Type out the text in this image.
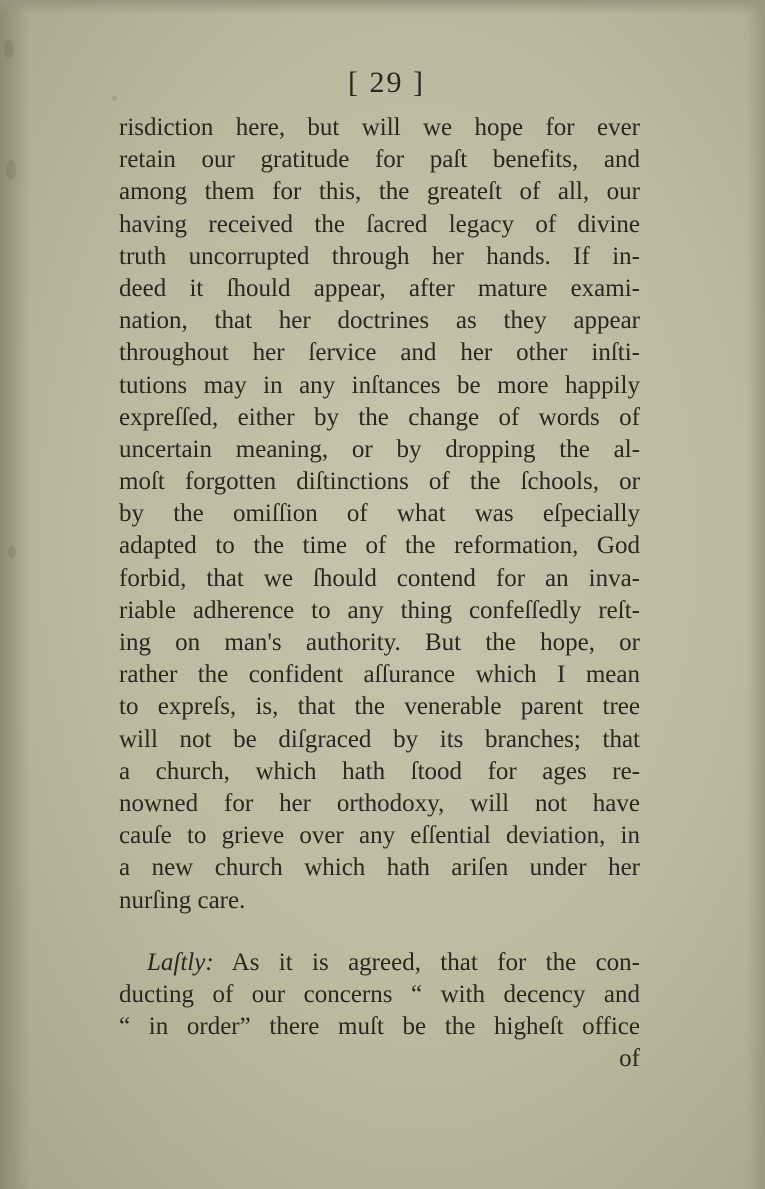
[ 29 ]
risdiction here, but will we hope for ever
retain our gratitude for paſt benefits, and
among them for this, the greateſt of all, our
having received the ſacred legacy of divine
truth uncorrupted through her hands. If in-
deed it ſhould appear, after mature exami-
nation, that her doctrines as they appear
throughout her ſervice and her other inſti-
tutions may in any inſtances be more happily
expreſſed, either by the change of words of
uncertain meaning, or by dropping the al-
moſt forgotten diſtinctions of the ſchools, or
by the omiſſion of what was eſpecially
adapted to the time of the reformation, God
forbid, that we ſhould contend for an inva-
riable adherence to any thing confeſſedly reſt-
ing on man's authority. But the hope, or
rather the confident aſſurance which I mean
to expreſs, is, that the venerable parent tree
will not be diſgraced by its branches; that
a church, which hath ſtood for ages re-
nowned for her orthodoxy, will not have
cauſe to grieve over any eſſential deviation, in
a new church which hath ariſen under her
nurſing care.
Laſtly: As it is agreed, that for the con-
ducting of our concerns “ with decency and
“ in order” there muſt be the higheſt office
of
